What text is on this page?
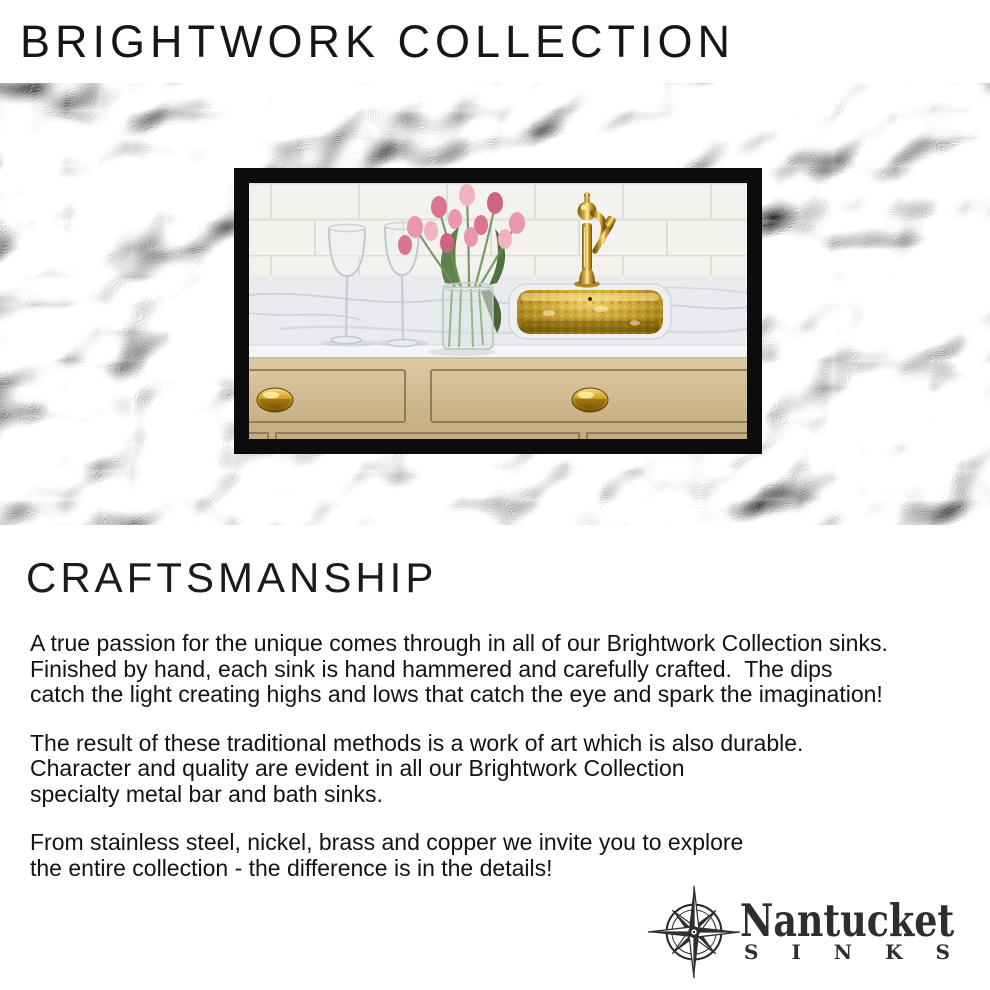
BRIGHTWORK COLLECTION
CRAFTSMANSHIP

A true passion for the unique comes through in all of our Brightwork Collection sinks.
Finished by hand, each sink is hand hammered and carefully crafted.  The dips
catch the light creating highs and lows that catch the eye and spark the imagination!

The result of these traditional methods is a work of art which is also durable.
Character and quality are evident in all our Brightwork Collection
specialty metal bar and bath sinks.

From stainless steel, nickel, brass and copper we invite you to explore
the entire collection - the difference is in the details!

Nantucket
SINKS
